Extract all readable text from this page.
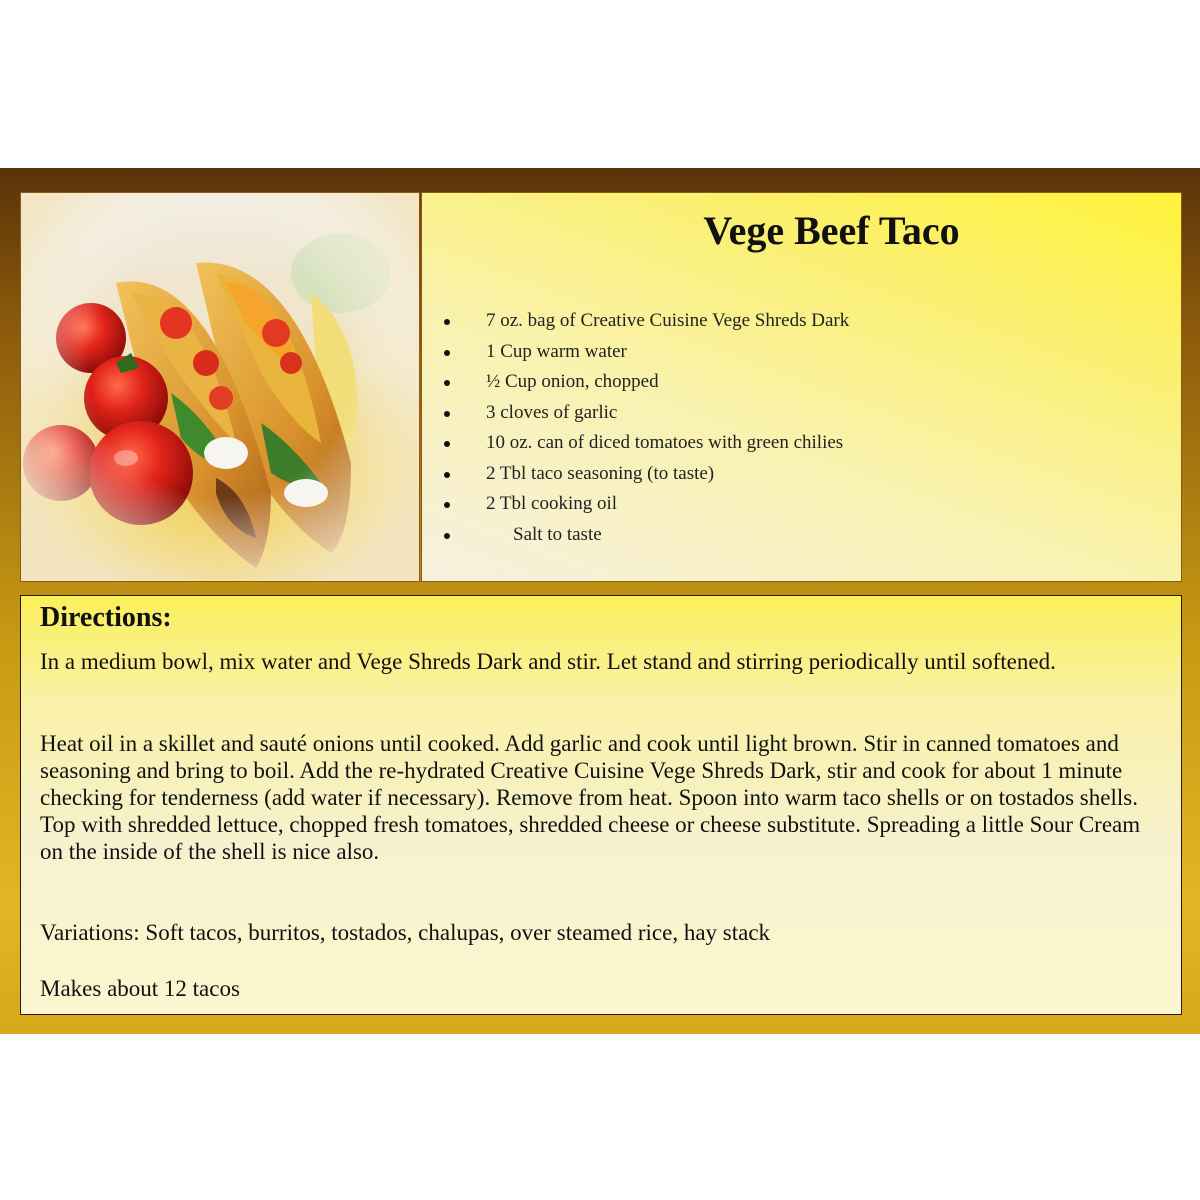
Vege Beef Taco
7 oz. bag of Creative Cuisine Vege Shreds Dark
1 Cup warm water
½ Cup onion, chopped
3 cloves of garlic
10 oz. can of diced tomatoes with green chilies
2 Tbl taco seasoning (to taste)
2 Tbl cooking oil
Salt to taste
Directions:

In a medium bowl, mix water and Vege Shreds Dark and stir. Let stand and stirring periodically until softened.

Heat oil in a skillet and sauté onions until cooked. Add garlic and cook until light brown. Stir in canned tomatoes and seasoning and bring to boil. Add the re-hydrated Creative Cuisine Vege Shreds Dark, stir and cook for about 1 minute checking for tenderness (add water if necessary). Remove from heat. Spoon into warm taco shells or on tostados shells. Top with shredded lettuce, chopped fresh tomatoes, shredded cheese or cheese substitute. Spreading a little Sour Cream on the inside of the shell is nice also.

Variations: Soft tacos, burritos, tostados, chalupas, over steamed rice, hay stack

Makes about 12 tacos
